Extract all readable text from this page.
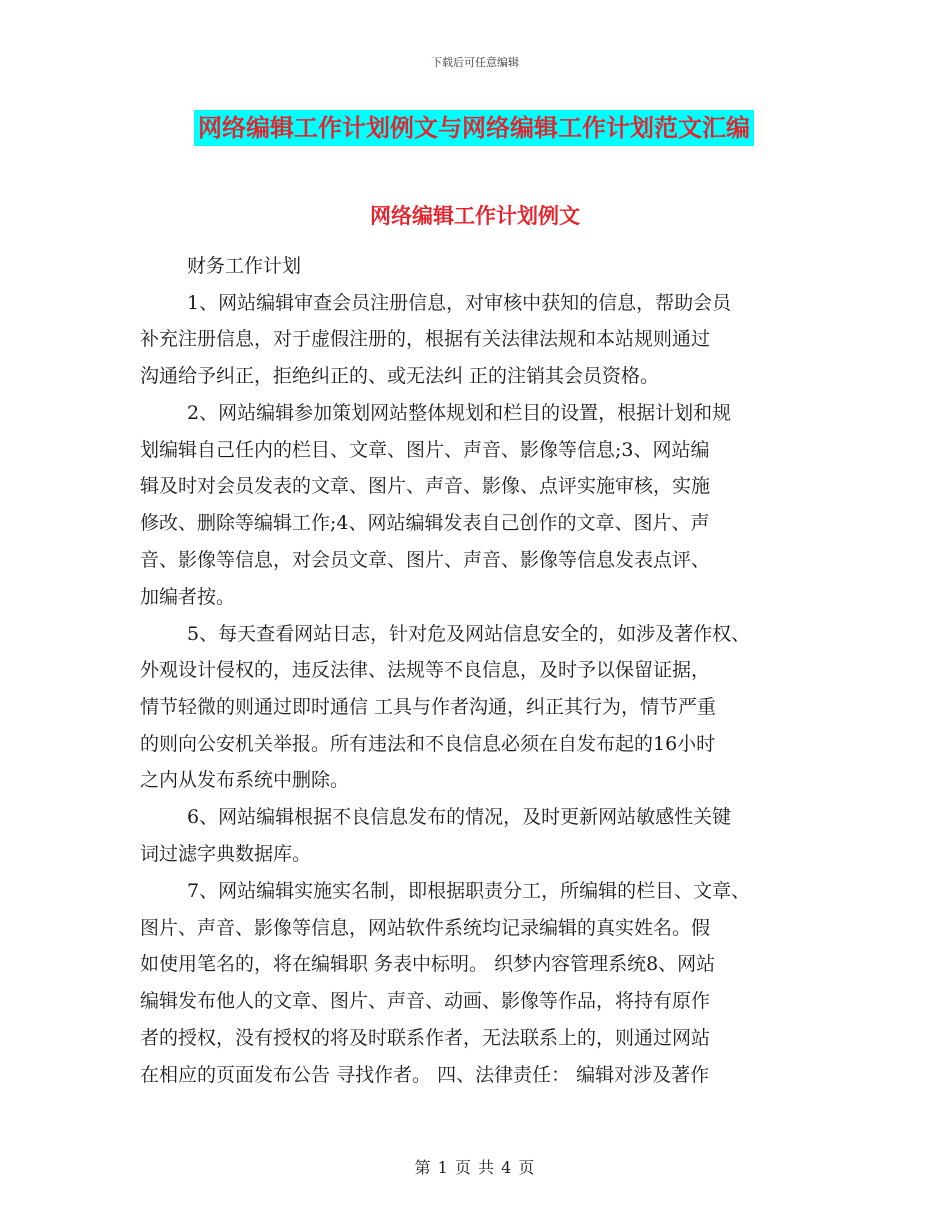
下载后可任意编辑
网络编辑工作计划例文与网络编辑工作计划范文汇编
网络编辑工作计划例文
财务工作计划
1、网站编辑审查会员注册信息，对审核中获知的信息，帮助会员
补充注册信息，对于虚假注册的，根据有关法律法规和本站规则通过
沟通给予纠正，拒绝纠正的、或无法纠 正的注销其会员资格。
2、网站编辑参加策划网站整体规划和栏目的设置，根据计划和规
划编辑自己任内的栏目、文章、图片、声音、影像等信息;3、网站编
辑及时对会员发表的文章、图片、声音、影像、点评实施审核，实施
修改、删除等编辑工作;4、网站编辑发表自己创作的文章、图片、声
音、影像等信息，对会员文章、图片、声音、影像等信息发表点评、
加编者按。
5、每天查看网站日志，针对危及网站信息安全的，如涉及著作权、
外观设计侵权的，违反法律、法规等不良信息，及时予以保留证据，
情节轻微的则通过即时通信 工具与作者沟通，纠正其行为，情节严重
的则向公安机关举报。所有违法和不良信息必须在自发布起的16小时
之内从发布系统中删除。
6、网站编辑根据不良信息发布的情况，及时更新网站敏感性关键
词过滤字典数据库。
7、网站编辑实施实名制，即根据职责分工，所编辑的栏目、文章、
图片、声音、影像等信息，网站软件系统均记录编辑的真实姓名。假
如使用笔名的，将在编辑职 务表中标明。 织梦内容管理系统8、网站
编辑发布他人的文章、图片、声音、动画、影像等作品，将持有原作
者的授权，没有授权的将及时联系作者，无法联系上的，则通过网站
在相应的页面发布公告 寻找作者。 四、法律责任： 编辑对涉及著作
第 1 页 共 4 页
